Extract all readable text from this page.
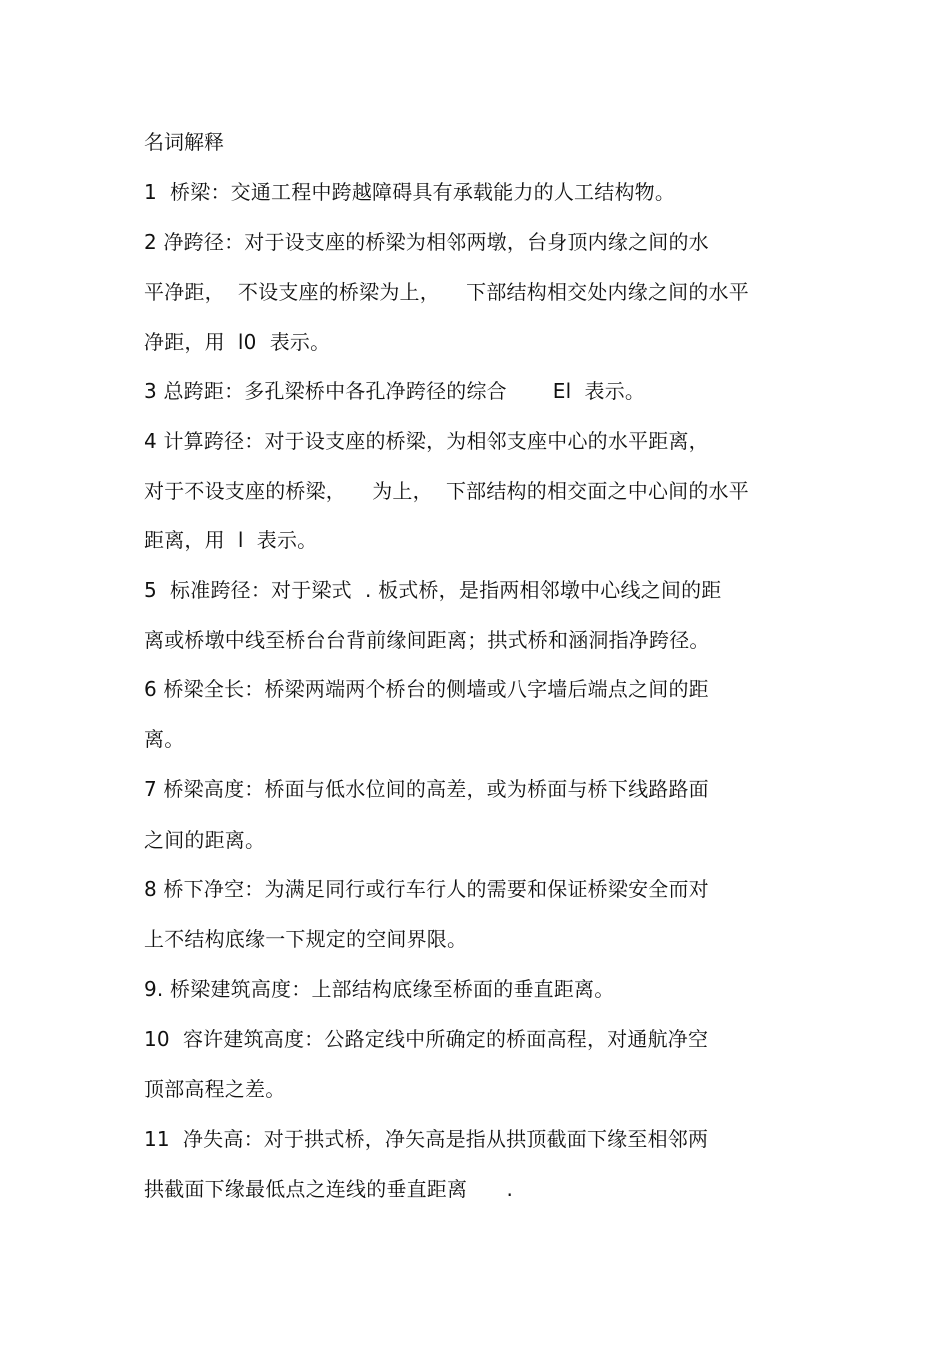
名词解释
1  桥梁：交通工程中跨越障碍具有承载能力的人工结构物。
2 净跨径：对于设支座的桥梁为相邻两墩，台身顶内缘之间的水
平净距，  不设支座的桥梁为上，    下部结构相交处内缘之间的水平
净距，用  l0  表示。
3 总跨距：多孔梁桥中各孔净跨径的综合       El  表示。
4 计算跨径：对于设支座的桥梁，为相邻支座中心的水平距离，
对于不设支座的桥梁，    为上，  下部结构的相交面之中心间的水平
距离，用  l  表示。
5  标准跨径：对于梁式  . 板式桥，是指两相邻墩中心线之间的距
离或桥墩中线至桥台台背前缘间距离；拱式桥和涵洞指净跨径。
6 桥梁全长：桥梁两端两个桥台的侧墙或八字墙后端点之间的距
离。
7 桥梁高度：桥面与低水位间的高差，或为桥面与桥下线路路面
之间的距离。
8 桥下净空：为满足同行或行车行人的需要和保证桥梁安全而对
上不结构底缘一下规定的空间界限。
9. 桥梁建筑高度：上部结构底缘至桥面的垂直距离。
10  容许建筑高度：公路定线中所确定的桥面高程，对通航净空
顶部高程之差。
11  净失高：对于拱式桥，净矢高是指从拱顶截面下缘至相邻两
拱截面下缘最低点之连线的垂直距离      .
